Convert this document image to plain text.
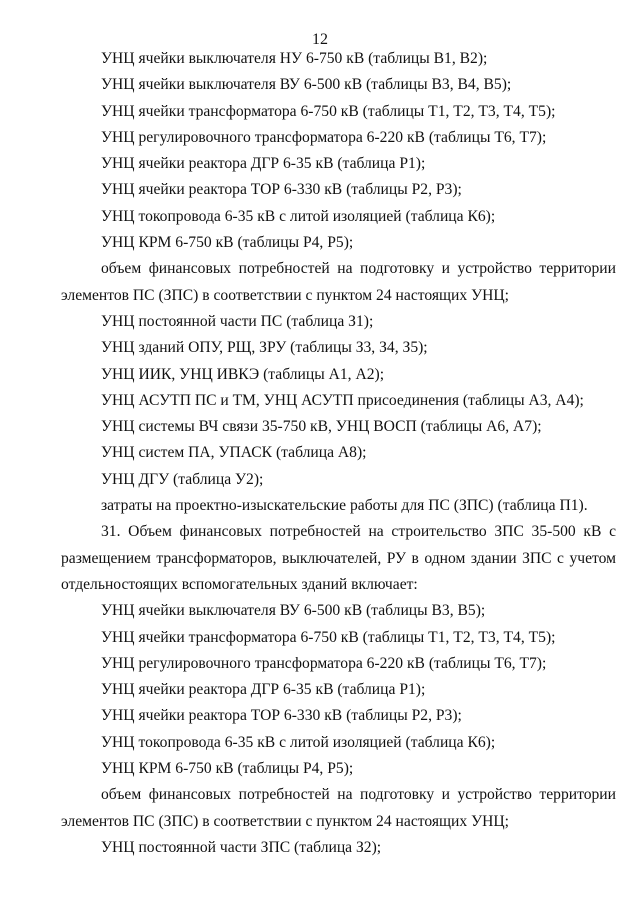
12

УНЦ ячейки выключателя НУ 6-750 кВ (таблицы В1, В2);

УНЦ ячейки выключателя ВУ 6-500 кВ (таблицы В3, В4, В5);

УНЦ ячейки трансформатора 6-750 кВ (таблицы Т1, Т2, Т3, Т4, Т5);

УНЦ регулировочного трансформатора 6-220 кВ (таблицы Т6, Т7);

УНЦ ячейки реактора ДГР 6-35 кВ (таблица Р1);

УНЦ ячейки реактора ТОР 6-330 кВ (таблицы Р2, Р3);

УНЦ токопровода 6-35 кВ с литой изоляцией (таблица К6);

УНЦ КРМ 6-750 кВ (таблицы Р4, Р5);

объем финансовых потребностей на подготовку и устройство территории элементов ПС (ЗПС) в соответствии с пунктом 24 настоящих УНЦ;

УНЦ постоянной части ПС (таблица З1);

УНЦ зданий ОПУ, РЩ, ЗРУ (таблицы З3, З4, З5);

УНЦ ИИК, УНЦ ИВКЭ (таблицы А1, А2);

УНЦ АСУТП ПС и ТМ, УНЦ АСУТП присоединения (таблицы А3, А4);

УНЦ системы ВЧ связи 35-750 кВ, УНЦ ВОСП (таблицы А6, А7);

УНЦ систем ПА, УПАСК (таблица А8);

УНЦ ДГУ (таблица У2);

затраты на проектно-изыскательские работы для ПС (ЗПС) (таблица П1).

31. Объем финансовых потребностей на строительство ЗПС 35-500 кВ с размещением трансформаторов, выключателей, РУ в одном здании ЗПС с учетом отдельностоящих вспомогательных зданий включает:

УНЦ ячейки выключателя ВУ 6-500 кВ (таблицы В3, В5);

УНЦ ячейки трансформатора 6-750 кВ (таблицы Т1, Т2, Т3, Т4, Т5);

УНЦ регулировочного трансформатора 6-220 кВ (таблицы Т6, Т7);

УНЦ ячейки реактора ДГР 6-35 кВ (таблица Р1);

УНЦ ячейки реактора ТОР 6-330 кВ (таблицы Р2, Р3);

УНЦ токопровода 6-35 кВ с литой изоляцией (таблица К6);

УНЦ КРМ 6-750 кВ (таблицы Р4, Р5);

объем финансовых потребностей на подготовку и устройство территории элементов ПС (ЗПС) в соответствии с пунктом 24 настоящих УНЦ;

УНЦ постоянной части ЗПС (таблица З2);
